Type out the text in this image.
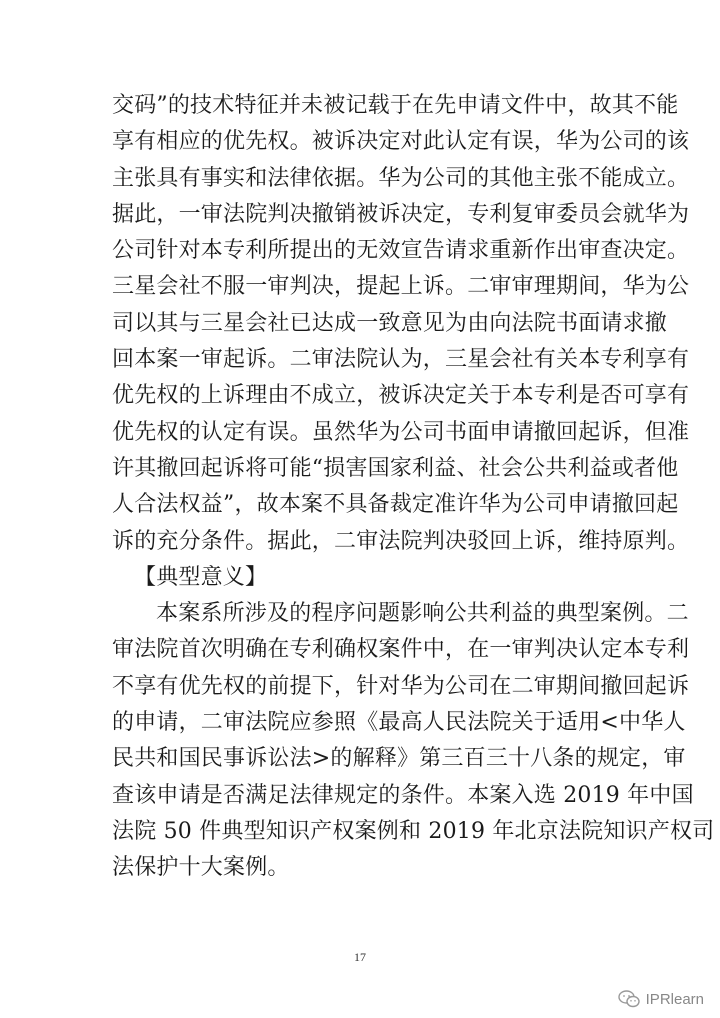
交码”的技术特征并未被记载于在先申请文件中，故其不能
享有相应的优先权。被诉决定对此认定有误，华为公司的该
主张具有事实和法律依据。华为公司的其他主张不能成立。
据此，一审法院判决撤销被诉决定，专利复审委员会就华为
公司针对本专利所提出的无效宣告请求重新作出审查决定。
三星会社不服一审判决，提起上诉。二审审理期间，华为公
司以其与三星会社已达成一致意见为由向法院书面请求撤
回本案一审起诉。二审法院认为，三星会社有关本专利享有
优先权的上诉理由不成立，被诉决定关于本专利是否可享有
优先权的认定有误。虽然华为公司书面申请撤回起诉，但准
许其撤回起诉将可能“损害国家利益、社会公共利益或者他
人合法权益”，故本案不具备裁定准许华为公司申请撤回起
诉的充分条件。据此，二审法院判决驳回上诉，维持原判。
【典型意义】
本案系所涉及的程序问题影响公共利益的典型案例。二
审法院首次明确在专利确权案件中，在一审判决认定本专利
不享有优先权的前提下，针对华为公司在二审期间撤回起诉
的申请，二审法院应参照《最高人民法院关于适用<中华人
民共和国民事诉讼法>的解释》第三百三十八条的规定，审
查该申请是否满足法律规定的条件。本案入选 2019 年中国
法院 50 件典型知识产权案例和 2019 年北京法院知识产权司
法保护十大案例。
17
IPRlearn
